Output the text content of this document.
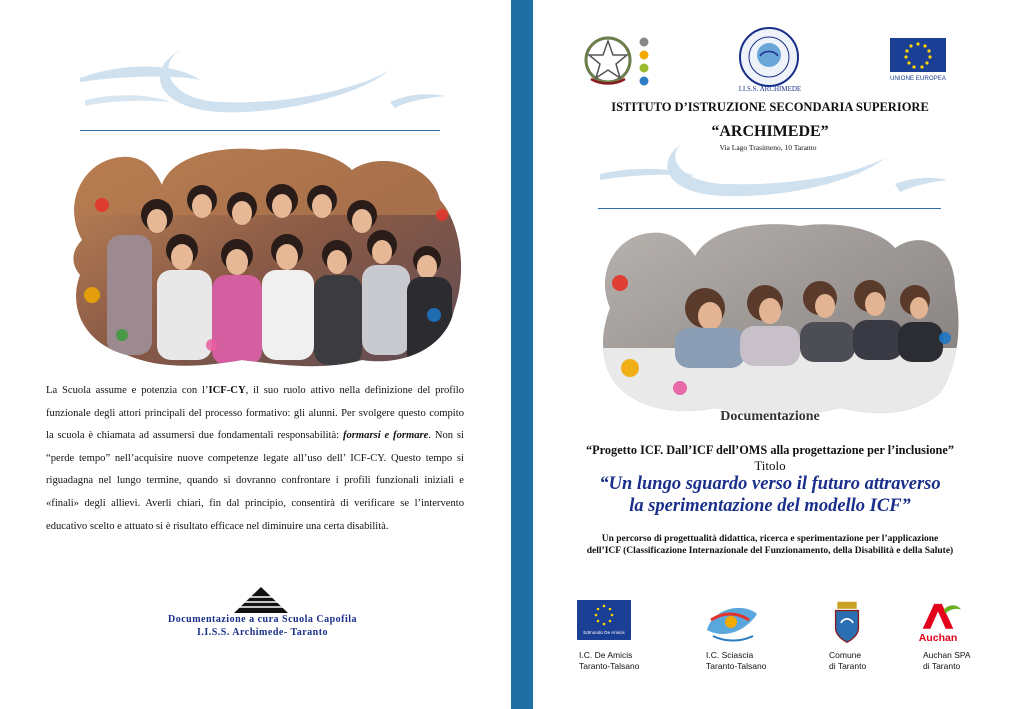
La Scuola assume e potenzia con l’ICF-CY, il suo ruolo attivo nella definizione del profilo funzionale degli attori principali del processo formativo: gli alunni. Per svolgere questo compito la scuola è chiamata ad assumersi due fondamentali responsabilità: formarsi e formare. Non si “perde tempo” nell’acquisire nuove competenze legate all’uso dell’ ICF-CY. Questo tempo si riguadagna nel lungo termine, quando si dovranno confrontare i profili funzionali iniziali e «finali» degli allievi. Averli chiari, fin dal principio, consentirà di verificare se l’intervento educativo scelto e attuato si è risultato efficace nel diminuire una certa disabilità.

Documentazione a cura Scuola Capofila
I.I.S.S. Archimede- Taranto
I.I.S.S. ARCHIMEDE
UNIONE EUROPEA
ISTITUTO D’ISTRUZIONE SECONDARIA SUPERIORE
“ARCHIMEDE”
Via Lago Trasimeno, 10 Taranto
Documentazione
“Progetto ICF. Dall’ICF dell’OMS alla progettazione per l’inclusione”
Titolo
“Un lungo sguardo verso il futuro attraverso
la sperimentazione del modello ICF”
Un percorso di progettualità didattica, ricerca e sperimentazione per l’applicazione
dell’ICF (Classificazione Internazionale del Funzionamento, della Disabilità e della Salute)
Edmondo De Amicis	Auchan
I.C. De Amicis
Taranto-Talsano
I.C. Sciascia
Taranto-Talsano
Comune
di Taranto
Auchan SPA
di Taranto
